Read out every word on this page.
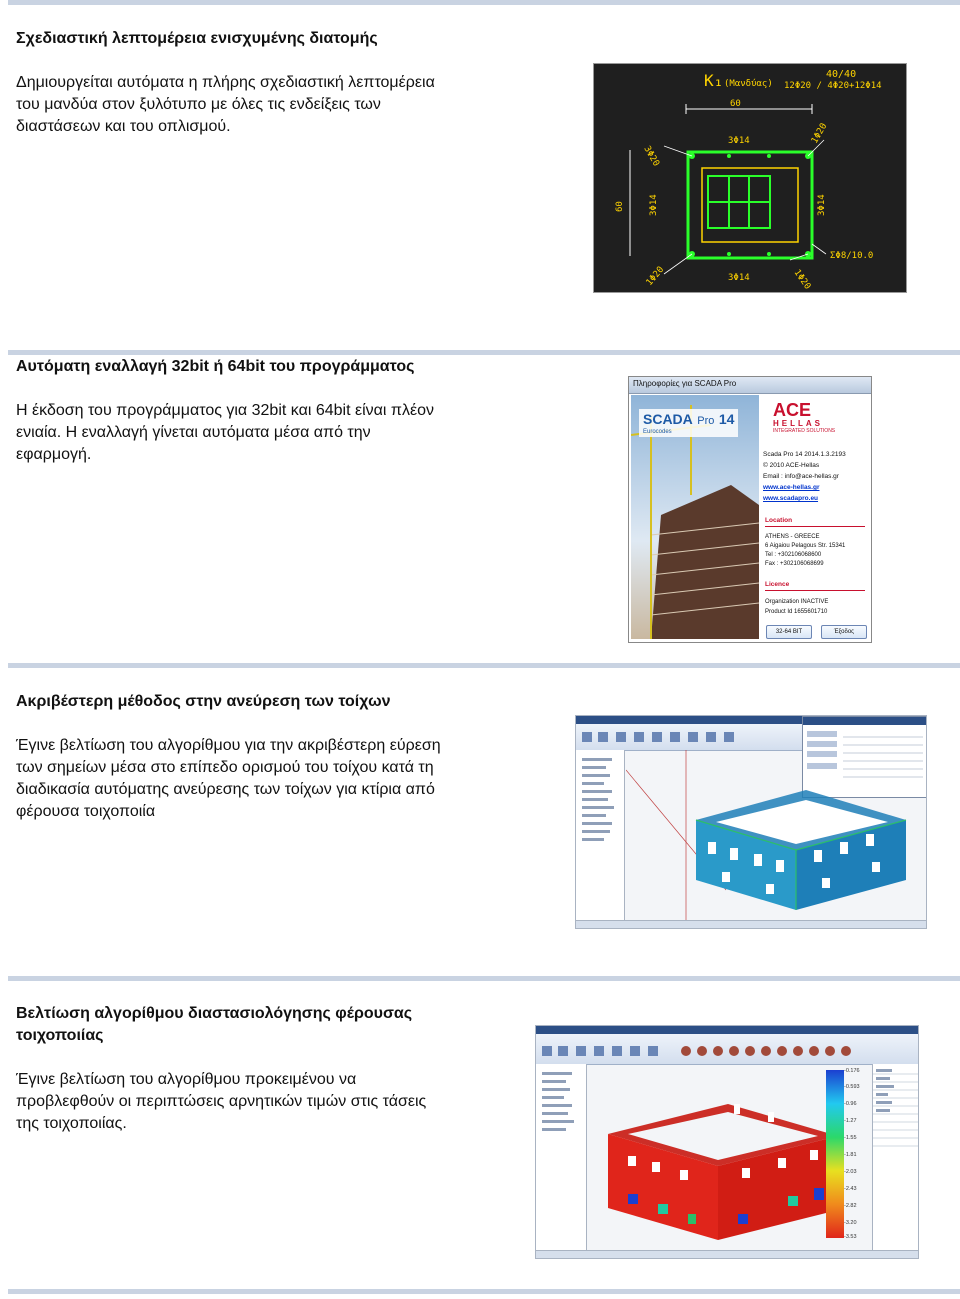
Σχεδιαστική λεπτομέρεια ενισχυμένης διατομής

Δημιουργείται αυτόματα η πλήρης σχεδιαστική λεπτομέρεια

του μανδύα στον ξυλότυπο με όλες τις ενδείξεις των

διαστάσεων και του οπλισμού.

K₁ (Μανδύας)
40/40
12Φ20 / 4Φ20+12Φ14
60
60
3Φ14
3Φ14
3Φ14	3Φ14
3Φ20
1Φ20
1Φ20	1Φ20
ΣΦ8/10.0
Αυτόματη εναλλαγή 32bit ή 64bit του προγράμματος

Η έκδοση του προγράμματος για 32bit και 64bit είναι πλέον

ενιαία. Η εναλλαγή γίνεται αυτόματα μέσα από την

εφαρμογή.

Πληροφορίες για SCADA Pro
SCADA Pro 14
Eurocodes
ACE
HELLAS
INTEGRATED SOLUTIONS
Scada Pro 14 2014.1.3.2193
© 2010 ACE-Hellas
Email : info@ace-hellas.gr
www.ace-hellas.gr
www.scadapro.eu
Location
ATHENS - GREECE
6 Aigaiou Pelagous Str. 15341
Tel : +302106068600
Fax : +302106068699
Licence
Organization INACTIVE
Product Id 1655601710
32-64 BIT	Έξοδος
Ακριβέστερη μέθοδος στην ανεύρεση των τοίχων

Έγινε βελτίωση του αλγορίθμου για την ακριβέστερη εύρεση

των σημείων μέσα στο επίπεδο ορισμού του τοίχου κατά τη

διαδικασία αυτόματης ανεύρεσης των τοίχων για κτίρια από

φέρουσα τοιχοποιία

Βελτίωση αλγορίθμου διαστασιολόγησης φέρουσας
τοιχοποιίας

Έγινε βελτίωση του αλγορίθμου προκειμένου να

προβλεφθούν οι περιπτώσεις αρνητικών τιμών στις τάσεις

της τοιχοποιίας.

-0.176
-0.593
-0.96
-1.27
-1.55
-1.81
-2.03
-2.43
-2.82
-3.20
-3.53
